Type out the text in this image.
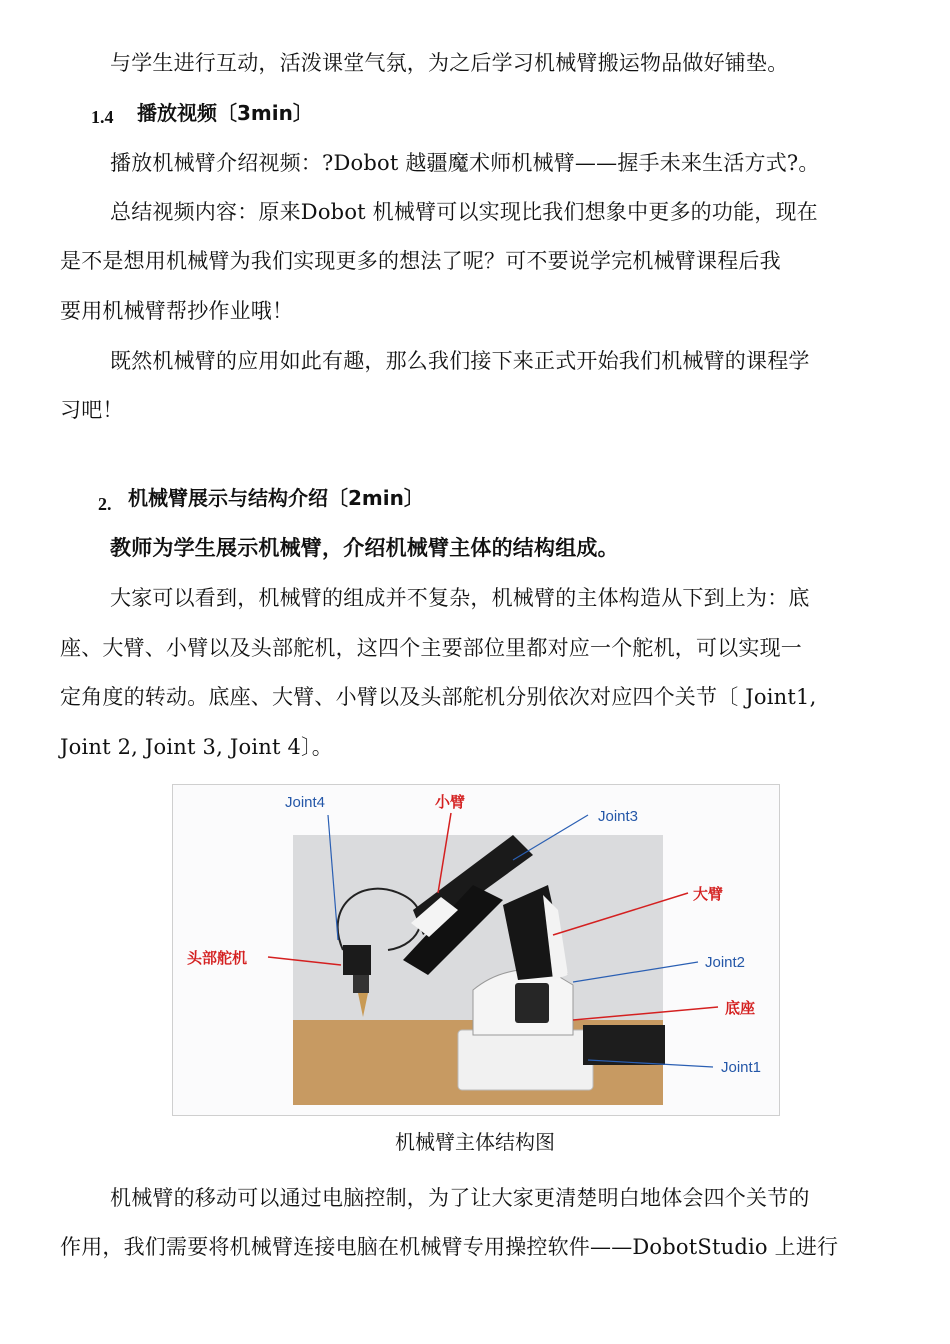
与学生进行互动，活泼课堂气氛，为之后学习机械臂搬运物品做好铺垫。
1.4 播放视频〔3min〕
播放机械臂介绍视频：?Dobot 越疆魔术师机械臂——握手未来生活方式?。
总结视频内容：原来Dobot 机械臂可以实现比我们想象中更多的功能，现在
是不是想用机械臂为我们实现更多的想法了呢？可不要说学完机械臂课程后我
要用机械臂帮抄作业哦！
既然机械臂的应用如此有趣，那么我们接下来正式开始我们机械臂的课程学
习吧！
2. 机械臂展示与结构介绍〔2min〕
教师为学生展示机械臂，介绍机械臂主体的结构组成。
大家可以看到，机械臂的组成并不复杂，机械臂的主体构造从下到上为：底
座、大臂、小臂以及头部舵机，这四个主要部位里都对应一个舵机，可以实现一
定角度的转动。底座、大臂、小臂以及头部舵机分别依次对应四个关节〔 Joint1,
Joint 2, Joint 3, Joint 4〕。
Joint4	小臂
Joint3
大臂
头部舵机	Joint2
底座
Joint1
机械臂主体结构图
机械臂的移动可以通过电脑控制，为了让大家更清楚明白地体会四个关节的
作用，我们需要将机械臂连接电脑在机械臂专用操控软件——DobotStudio 上进行
